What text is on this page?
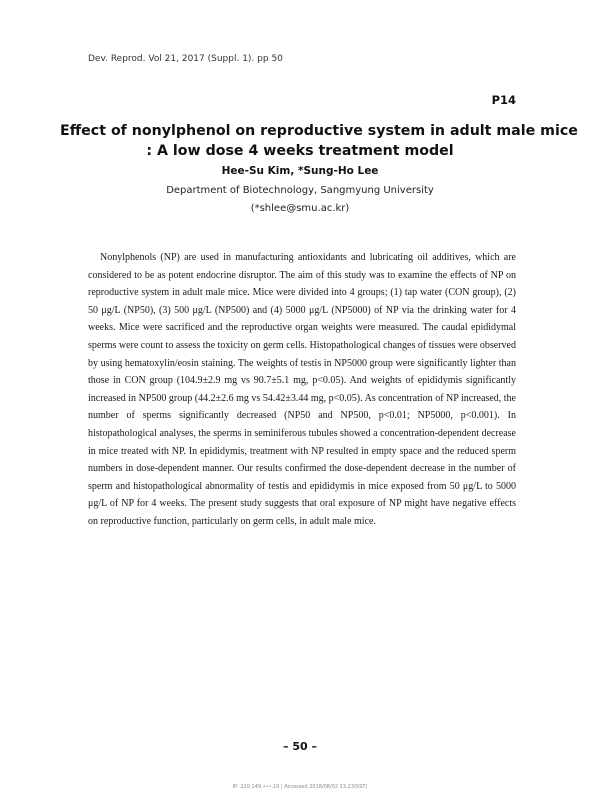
Dev. Reprod. Vol 21, 2017 (Suppl. 1). pp 50
P14
Effect of nonylphenol on reproductive system in adult male mice
: A low dose 4 weeks treatment model
Hee-Su Kim, *Sung-Ho Lee
Department of Biotechnology, Sangmyung University
(*shlee@smu.ac.kr)

Nonylphenols (NP) are used in manufacturing antioxidants and lubricating oil additives, which are considered to be as potent endocrine disruptor. The aim of this study was to examine the effects of NP on reproductive system in adult male mice. Mice were divided into 4 groups; (1) tap water (CON group), (2) 50 μg/L (NP50), (3) 500 μg/L (NP500) and (4) 5000 μg/L (NP5000) of NP via the drinking water for 4 weeks. Mice were sacrificed and the reproductive organ weights were measured. The caudal epididymal sperms were count to assess the toxicity on germ cells. Histopathological changes of tissues were observed by using hematoxylin/eosin staining. The weights of testis in NP5000 group were significantly lighter than those in CON group (104.9±2.9 mg vs 90.7±5.1 mg, p<0.05). And weights of epididymis significantly increased in NP500 group (44.2±2.6 mg vs 54.42±3.44 mg, p<0.05). As concentration of NP increased, the number of sperms significantly decreased (NP50 and NP500, p<0.01; NP5000, p<0.001). In histopathological analyses, the sperms in seminiferous tubules showed a concentration-dependent decrease in mice treated with NP. In epididymis, treatment with NP resulted in empty space and the reduced sperm numbers in dose-dependent manner. Our results confirmed the dose-dependent decrease in the number of sperm and histopathological abnormality of testis and epididymis in mice exposed from 50 μg/L to 5000 μg/L of NP for 4 weeks. The present study suggests that oral exposure of NP might have negative effects on reproductive function, particularly on germ cells, in adult male mice.

– 50 –
IP: 220.149.•••.10 | Accessed 2018/08/02 13:23(KST)
